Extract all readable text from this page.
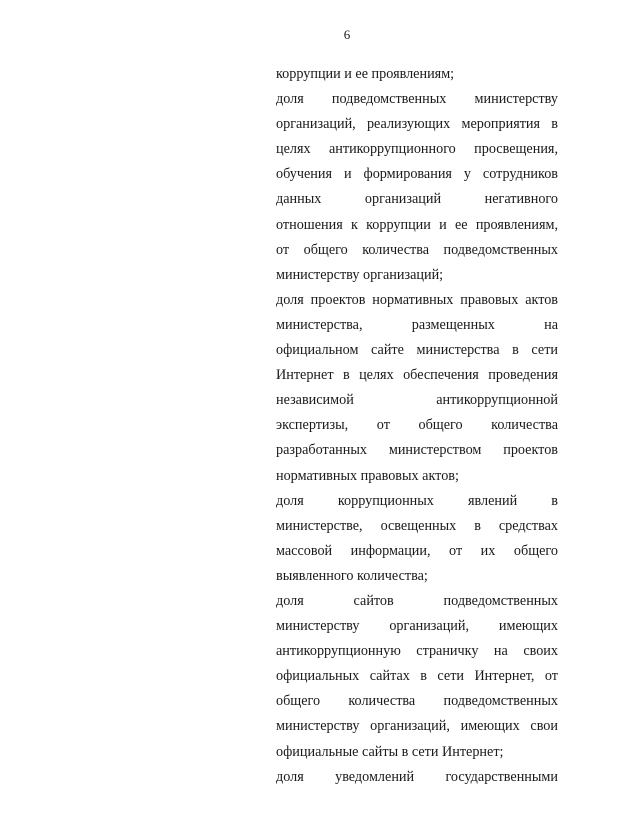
6
коррупции и ее проявлениям;
доля подведомственных министерству
организаций, реализующих мероприятия в
целях антикоррупционного просвещения,
обучения и формирования у сотрудников
данных организаций негативного
отношения к коррупции и ее проявлениям,
от общего количества подведомственных
министерству организаций;
доля проектов нормативных правовых актов
министерства, размещенных на
официальном сайте министерства в сети
Интернет в целях обеспечения проведения
независимой антикоррупционной
экспертизы, от общего количества
разработанных министерством проектов
нормативных правовых актов;
доля коррупционных явлений в
министерстве, освещенных в средствах
массовой информации, от их общего
выявленного количества;
доля сайтов подведомственных
министерству организаций, имеющих
антикоррупционную страничку на своих
официальных сайтах в сети Интернет, от
общего количества подведомственных
министерству организаций, имеющих свои
официальные сайты в сети Интернет;
доля уведомлений государственными
